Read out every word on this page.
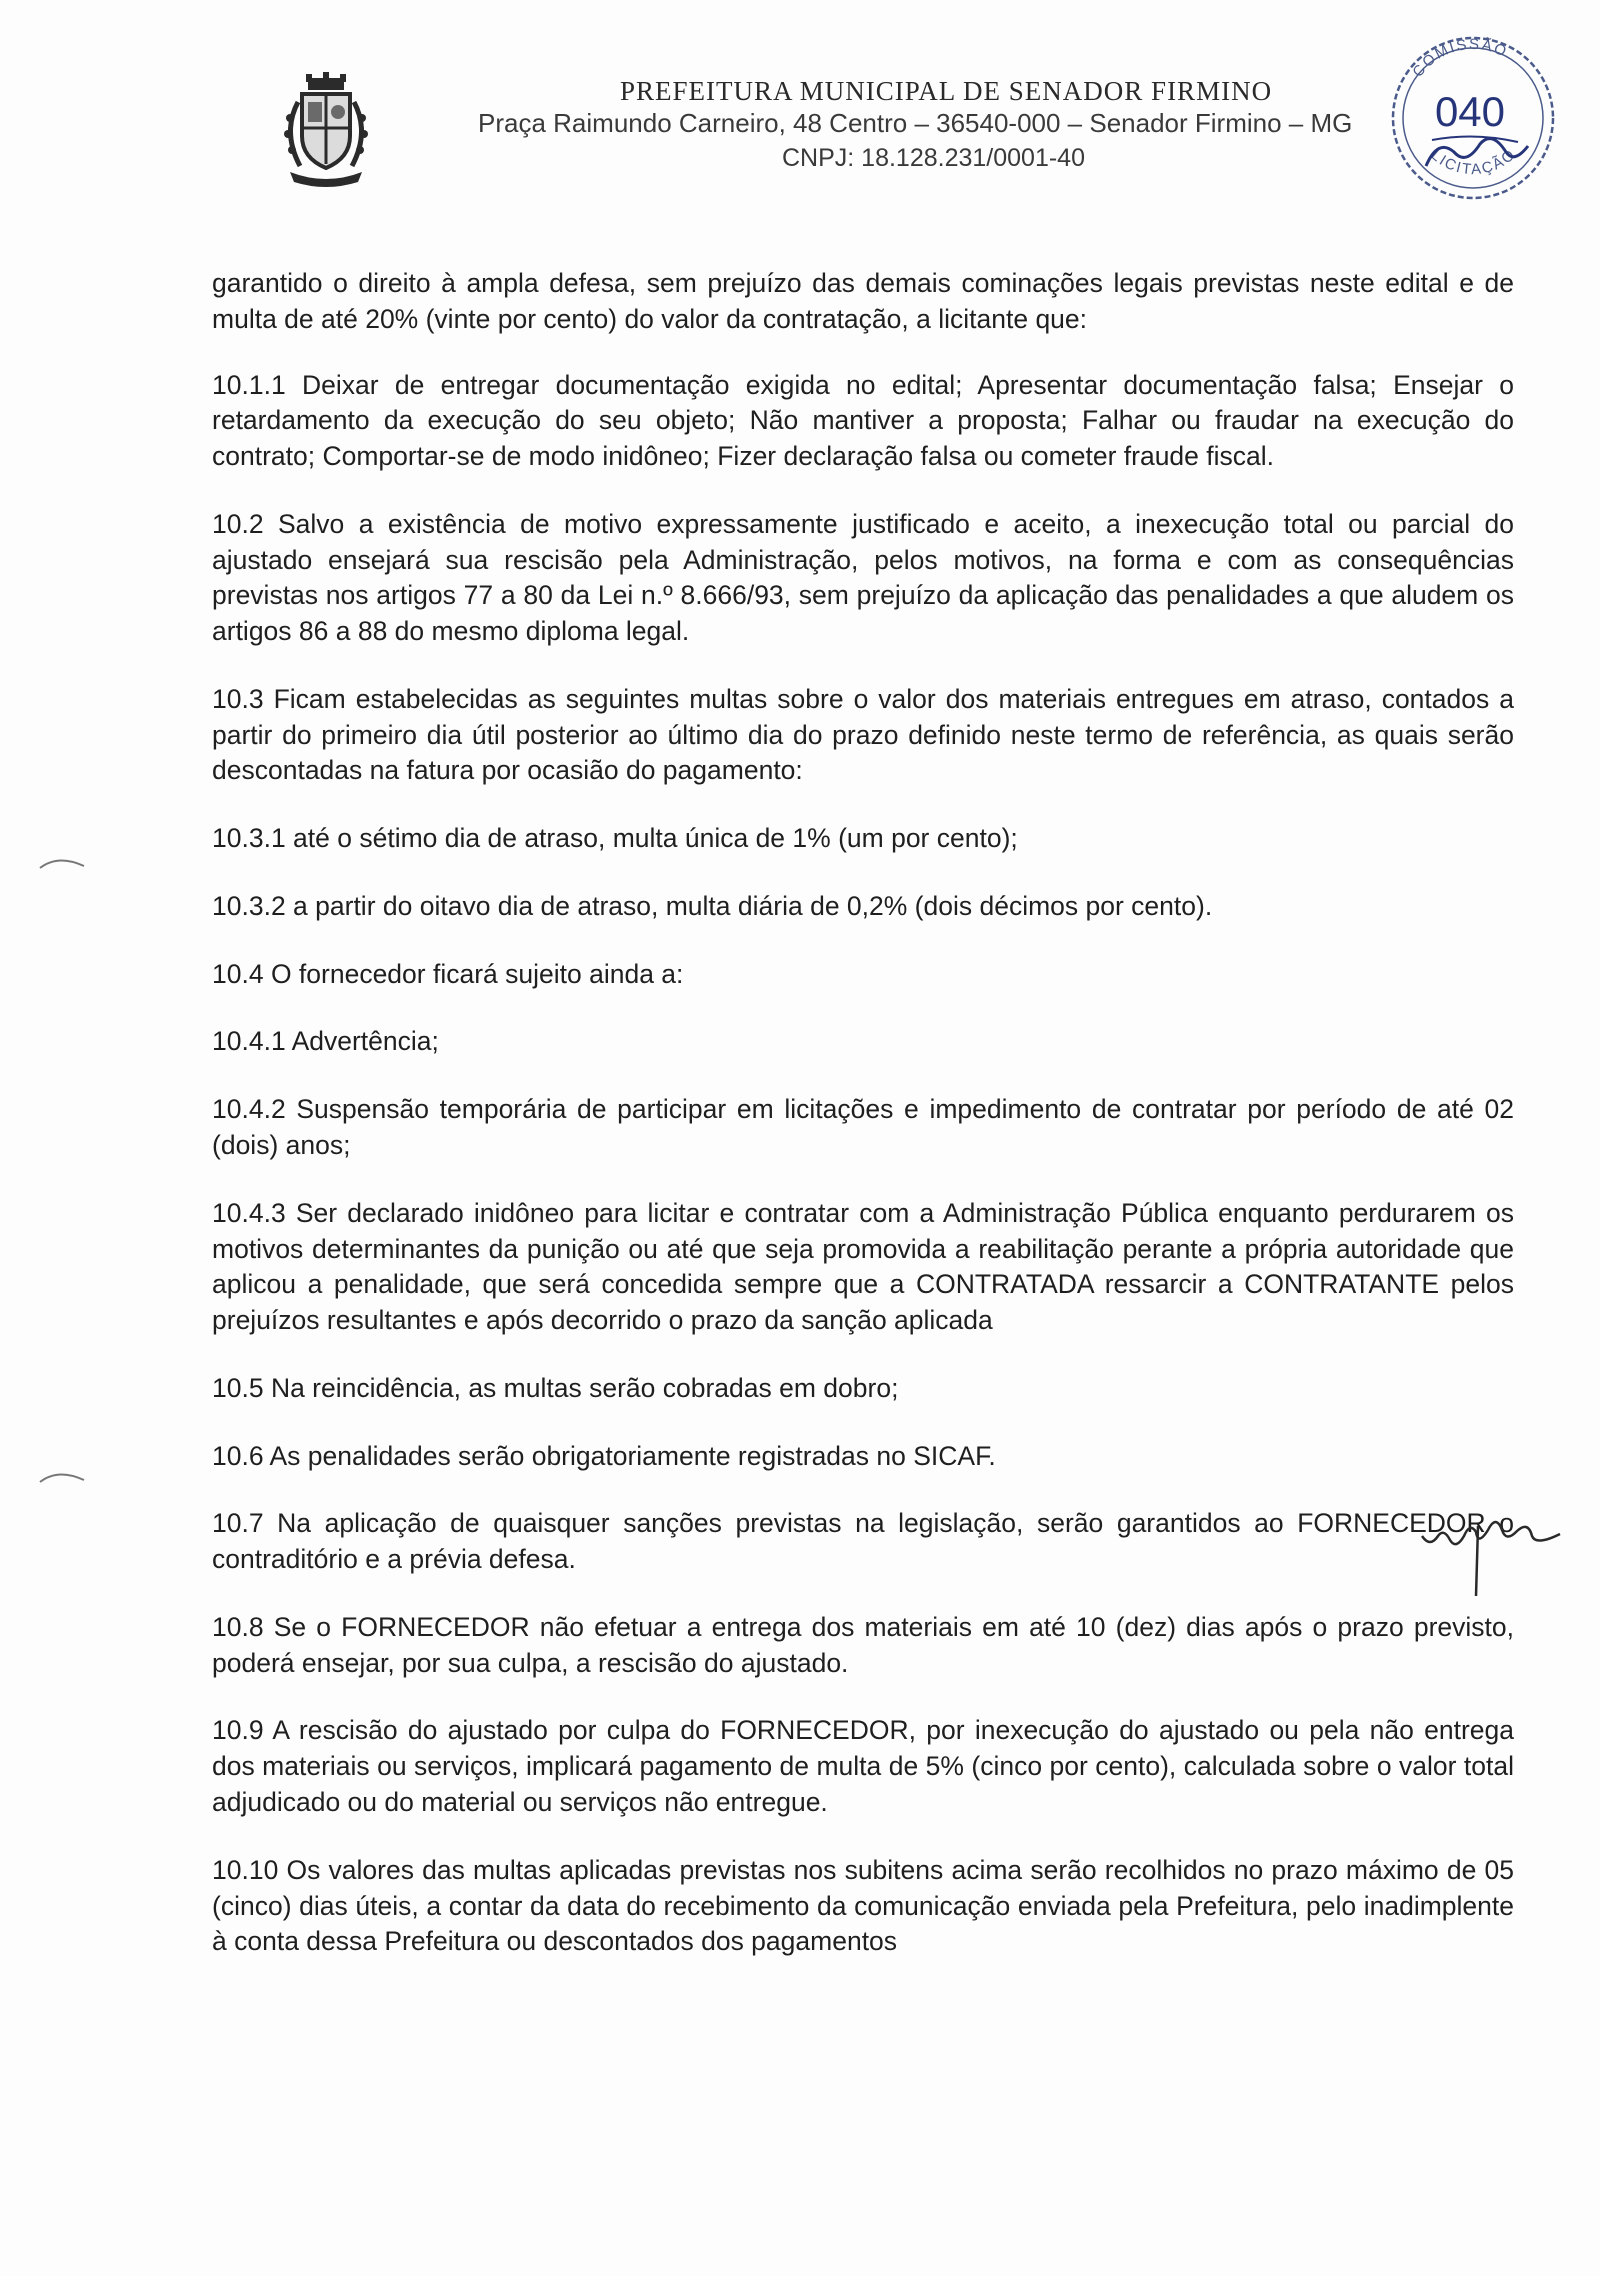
PREFEITURA MUNICIPAL DE SENADOR FIRMINO
Praça Raimundo Carneiro, 48 Centro – 36540-000 – Senador Firmino – MG
CNPJ: 18.128.231/0001-40
COMISSÃO
LICITAÇÃO
040

garantido o direito à ampla defesa, sem prejuízo das demais cominações legais previstas neste edital e de multa de até 20% (vinte por cento) do valor da contratação, a licitante que:

10.1.1 Deixar de entregar documentação exigida no edital; Apresentar documentação falsa; Ensejar o retardamento da execução do seu objeto; Não mantiver a proposta; Falhar ou fraudar na execução do contrato; Comportar-se de modo inidôneo; Fizer declaração falsa ou cometer fraude fiscal.

10.2 Salvo a existência de motivo expressamente justificado e aceito, a inexecução total ou parcial do ajustado ensejará sua rescisão pela Administração, pelos motivos, na forma e com as consequências previstas nos artigos 77 a 80 da Lei n.º 8.666/93, sem prejuízo da aplicação das penalidades a que aludem os artigos 86 a 88 do mesmo diploma legal.

10.3 Ficam estabelecidas as seguintes multas sobre o valor dos materiais entregues em atraso, contados a partir do primeiro dia útil posterior ao último dia do prazo definido neste termo de referência, as quais serão descontadas na fatura por ocasião do pagamento:

10.3.1 até o sétimo dia de atraso, multa única de 1% (um por cento);

10.3.2 a partir do oitavo dia de atraso, multa diária de 0,2% (dois décimos por cento).

10.4 O fornecedor ficará sujeito ainda a:

10.4.1 Advertência;

10.4.2 Suspensão temporária de participar em licitações e impedimento de contratar por período de até 02 (dois) anos;

10.4.3 Ser declarado inidôneo para licitar e contratar com a Administração Pública enquanto perdurarem os motivos determinantes da punição ou até que seja promovida a reabilitação perante a própria autoridade que aplicou a penalidade, que será concedida sempre que a CONTRATADA ressarcir a CONTRATANTE pelos prejuízos resultantes e após decorrido o prazo da sanção aplicada

10.5 Na reincidência, as multas serão cobradas em dobro;

10.6 As penalidades serão obrigatoriamente registradas no SICAF.

10.7 Na aplicação de quaisquer sanções previstas na legislação, serão garantidos ao FORNECEDOR o contraditório e a prévia defesa.

10.8 Se o FORNECEDOR não efetuar a entrega dos materiais em até 10 (dez) dias após o prazo previsto, poderá ensejar, por sua culpa, a rescisão do ajustado.

10.9 A rescisão do ajustado por culpa do FORNECEDOR, por inexecução do ajustado ou pela não entrega dos materiais ou serviços, implicará pagamento de multa de 5% (cinco por cento), calculada sobre o valor total adjudicado ou do material ou serviços não entregue.

10.10 Os valores das multas aplicadas previstas nos subitens acima serão recolhidos no prazo máximo de 05 (cinco) dias úteis, a contar da data do recebimento da comunicação enviada pela Prefeitura, pelo inadimplente à conta dessa Prefeitura ou descontados dos pagamentos
